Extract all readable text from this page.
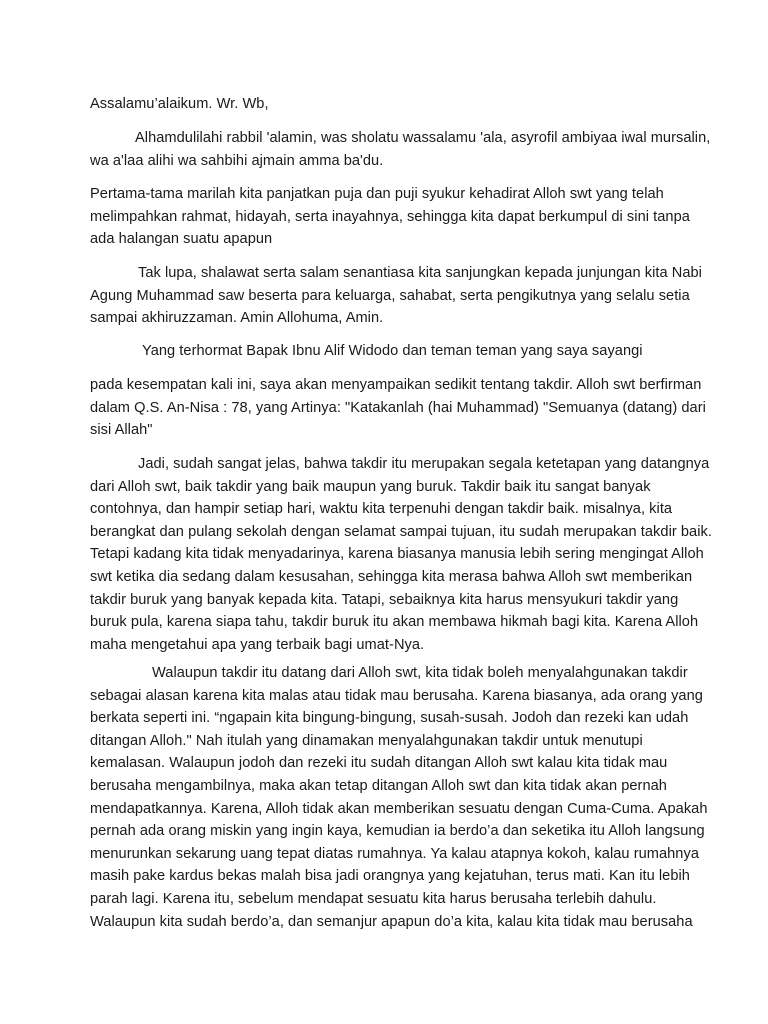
Assalamu’alaikum. Wr. Wb,

Alhamdulilahi rabbil 'alamin, was sholatu wassalamu 'ala, asyrofil ambiyaa iwal mursalin,
wa a'laa alihi wa sahbihi ajmain amma ba'du.

Pertama-tama marilah kita panjatkan puja dan puji syukur kehadirat Alloh swt yang telah
melimpahkan rahmat, hidayah, serta inayahnya, sehingga kita dapat berkumpul di sini tanpa
ada halangan suatu apapun

Tak lupa, shalawat serta salam senantiasa kita sanjungkan kepada junjungan kita Nabi
Agung Muhammad saw beserta para keluarga, sahabat, serta pengikutnya yang selalu setia
sampai akhiruzzaman. Amin Allohuma, Amin.

Yang terhormat Bapak Ibnu Alif Widodo dan teman teman yang saya sayangi

pada kesempatan kali ini, saya akan menyampaikan sedikit tentang takdir. Alloh swt berfirman
dalam Q.S. An-Nisa : 78, yang Artinya: "Katakanlah (hai Muhammad) "Semuanya (datang) dari
sisi Allah"

Jadi, sudah sangat jelas, bahwa takdir itu merupakan segala ketetapan yang datangnya
dari Alloh swt, baik takdir yang baik maupun yang buruk. Takdir baik itu sangat banyak
contohnya, dan hampir setiap hari, waktu kita terpenuhi dengan takdir baik. misalnya, kita
berangkat dan pulang sekolah dengan selamat sampai tujuan, itu sudah merupakan takdir baik.
Tetapi kadang kita tidak menyadarinya, karena biasanya manusia lebih sering mengingat Alloh
swt ketika dia sedang dalam kesusahan, sehingga kita merasa bahwa Alloh swt memberikan
takdir buruk yang banyak kepada kita. Tatapi, sebaiknya kita harus mensyukuri takdir yang
buruk pula, karena siapa tahu, takdir buruk itu akan membawa hikmah bagi kita. Karena Alloh
maha mengetahui apa yang terbaik bagi umat-Nya.

Walaupun takdir itu datang dari Alloh swt, kita tidak boleh menyalahgunakan takdir
sebagai alasan karena kita malas atau tidak mau berusaha. Karena biasanya, ada orang yang
berkata seperti ini. “ngapain kita bingung-bingung, susah-susah. Jodoh dan rezeki kan udah
ditangan Alloh." Nah itulah yang dinamakan menyalahgunakan takdir untuk menutupi
kemalasan. Walaupun jodoh dan rezeki itu sudah ditangan Alloh swt kalau kita tidak mau
berusaha mengambilnya, maka akan tetap ditangan Alloh swt dan kita tidak akan pernah
mendapatkannya. Karena, Alloh tidak akan memberikan sesuatu dengan Cuma-Cuma. Apakah
pernah ada orang miskin yang ingin kaya, kemudian ia berdo’a dan seketika itu Alloh langsung
menurunkan sekarung uang tepat diatas rumahnya. Ya kalau atapnya kokoh, kalau rumahnya
masih pake kardus bekas malah bisa jadi orangnya yang kejatuhan, terus mati. Kan itu lebih
parah lagi. Karena itu, sebelum mendapat sesuatu kita harus berusaha terlebih dahulu.
Walaupun kita sudah berdo’a, dan semanjur apapun do’a kita, kalau kita tidak mau berusaha
